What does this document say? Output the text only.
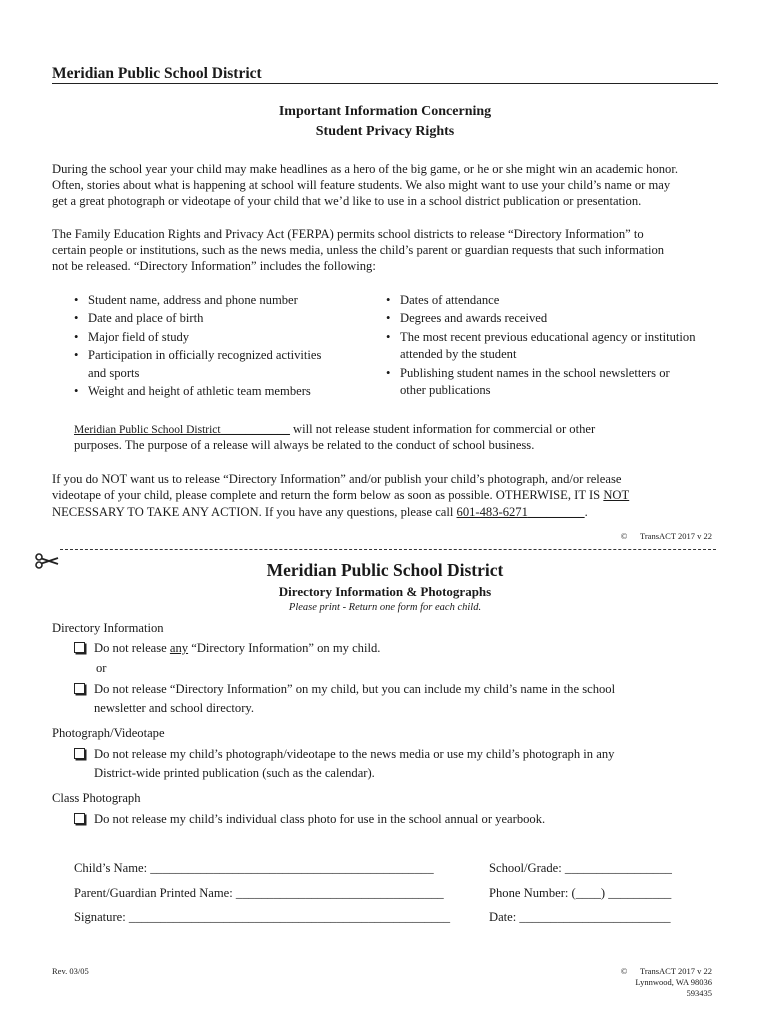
Meridian Public School District
Important Information Concerning
Student Privacy Rights
During the school year your child may make headlines as a hero of the big game, or he or she might win an academic honor.
Often, stories about what is happening at school will feature students. We also might want to use your child’s name or may
get a great photograph or videotape of your child that we’d like to use in a school district publication or presentation.
The Family Education Rights and Privacy Act (FERPA) permits school districts to release “Directory Information” to
certain people or institutions, such as the news media, unless the child’s parent or guardian requests that such information
not be released. “Directory Information” includes the following:
• Student name, address and phone number
• Date and place of birth
• Major field of study
• Participation in officially recognized activities
and sports
• Weight and height of athletic team members
• Dates of attendance
• Degrees and awards received
• The most recent previous educational agency or institution
attended by the student
• Publishing student names in the school newsletters or
other publications
Meridian Public School District___________ will not release student information for commercial or other
purposes. The purpose of a release will always be related to the conduct of school business.
If you do NOT want us to release “Directory Information” and/or publish your child’s photograph, and/or release
videotape of your child, please complete and return the form below as soon as possible. OTHERWISE, IT IS NOT
NECESSARY TO TAKE ANY ACTION. If you have any questions, please call 601-483-6271_________.
©      TransACT 2017 v 22
Meridian Public School District
Directory Information & Photographs
Please print - Return one form for each child.
Directory Information
Do not release any “Directory Information” on my child.
or
Do not release “Directory Information” on my child, but you can include my child’s name in the school
newsletter and school directory.
Photograph/Videotape
Do not release my child’s photograph/videotape to the news media or use my child’s photograph in any
District-wide printed publication (such as the calendar).
Class Photograph
Do not release my child’s individual class photo for use in the school annual or yearbook.
Child’s Name: _____________________________________________	School/Grade: _________________
Parent/Guardian Printed Name: _________________________________	Phone Number: (____) __________
Signature: ___________________________________________________	Date: ________________________
Rev. 03/05	©      TransACT 2017 v 22
Lynnwood, WA 98036
593435
